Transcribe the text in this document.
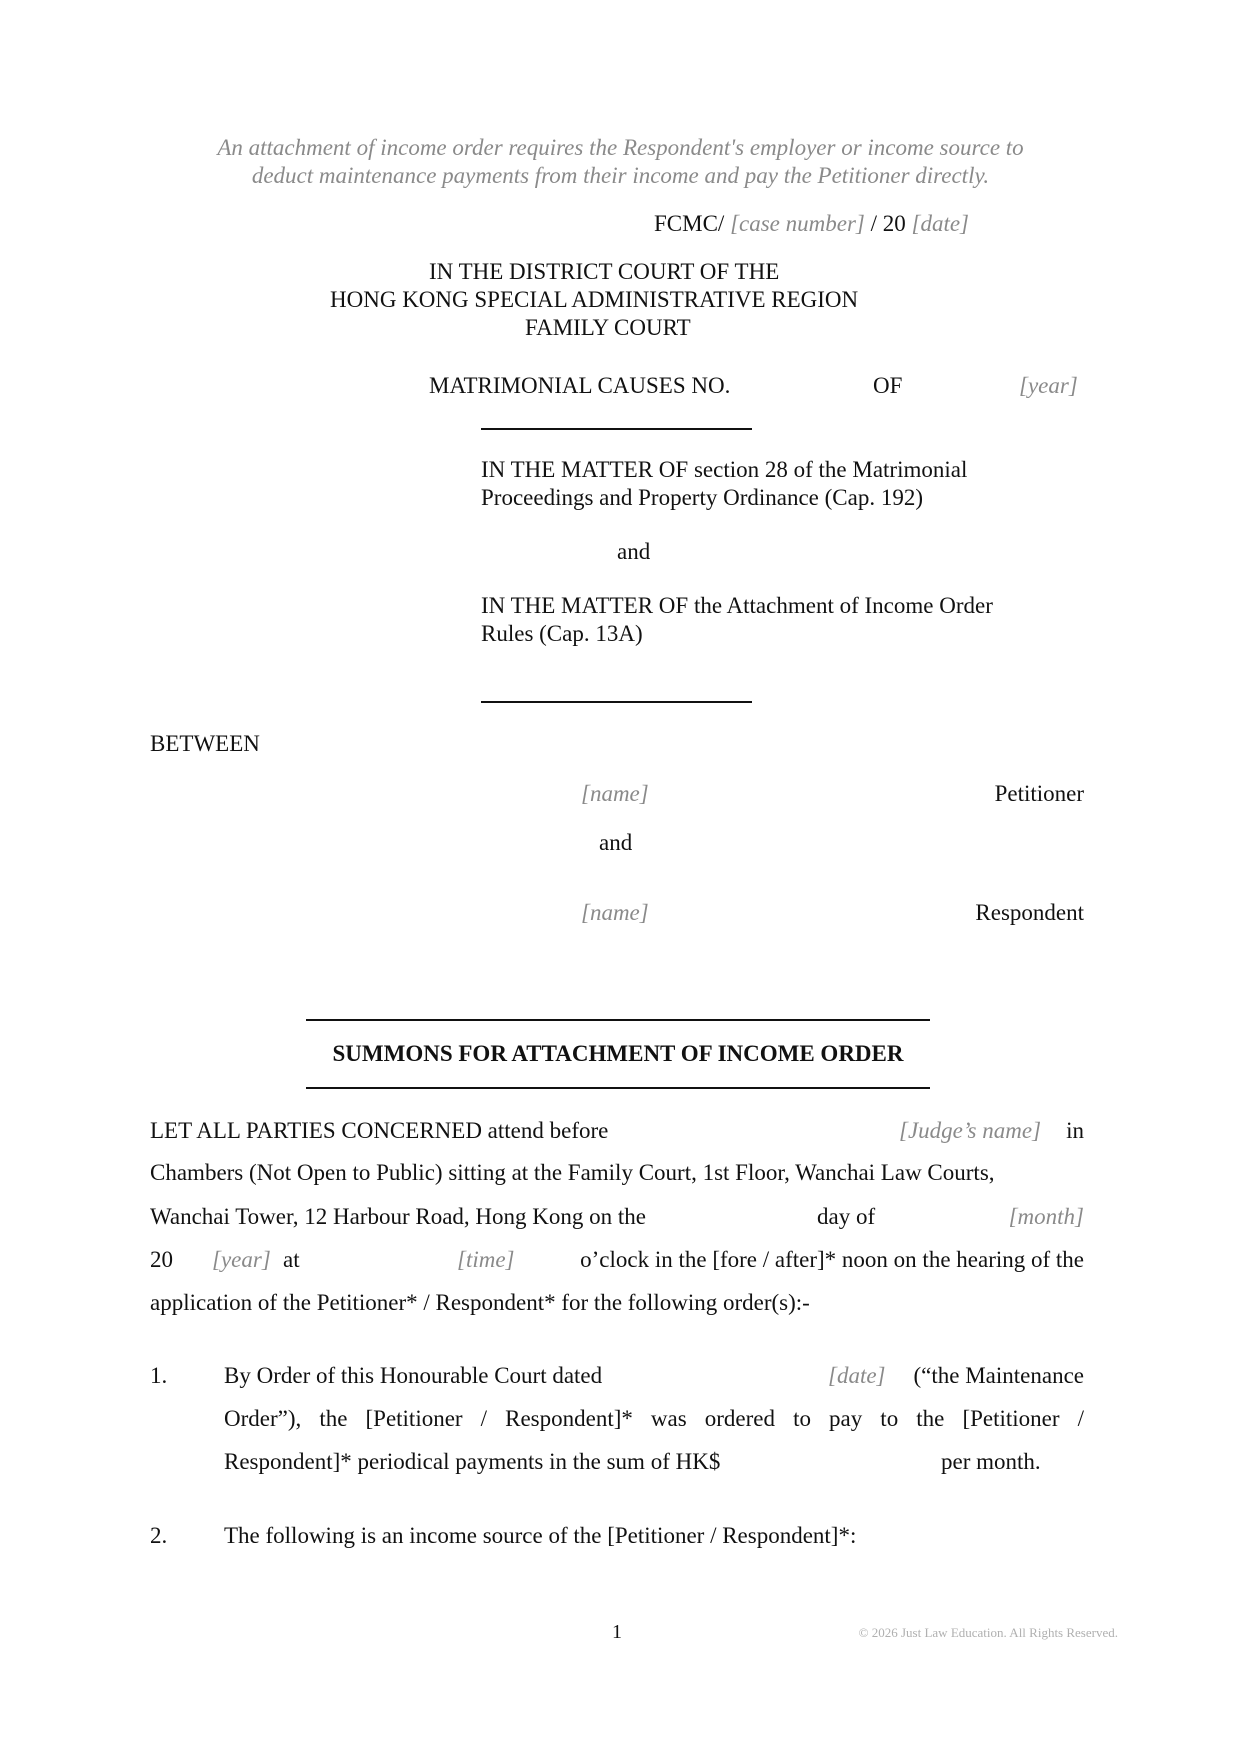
An attachment of income order requires the Respondent's employer or income source to
deduct maintenance payments from their income and pay the Petitioner directly.
FCMC/ [case number] / 20 [date]
IN THE DISTRICT COURT OF THE
HONG KONG SPECIAL ADMINISTRATIVE REGION
FAMILY COURT
MATRIMONIAL CAUSES NO.	OF	[year]
IN THE MATTER OF section 28 of the Matrimonial
Proceedings and Property Ordinance (Cap. 192)
and
IN THE MATTER OF the Attachment of Income Order
Rules (Cap. 13A)
BETWEEN
[name]	Petitioner
and
[name]	Respondent
SUMMONS FOR ATTACHMENT OF INCOME ORDER
LET ALL PARTIES CONCERNED attend before	[Judge’s name] in
Chambers (Not Open to Public) sitting at the Family Court, 1st Floor, Wanchai Law Courts,
Wanchai Tower, 12 Harbour Road, Hong Kong on the	day of	[month]
20 [year] at	[time]	o’clock in the [fore / after]* noon on the hearing of the
application of the Petitioner* / Respondent* for the following order(s):-
1. By Order of this Honourable Court dated	[date] (“the Maintenance
Order”), the [Petitioner / Respondent]* was ordered to pay to the [Petitioner /
Respondent]* periodical payments in the sum of HK$	per month.
2. The following is an income source of the [Petitioner / Respondent]*:
1	© 2026 Just Law Education. All Rights Reserved.
